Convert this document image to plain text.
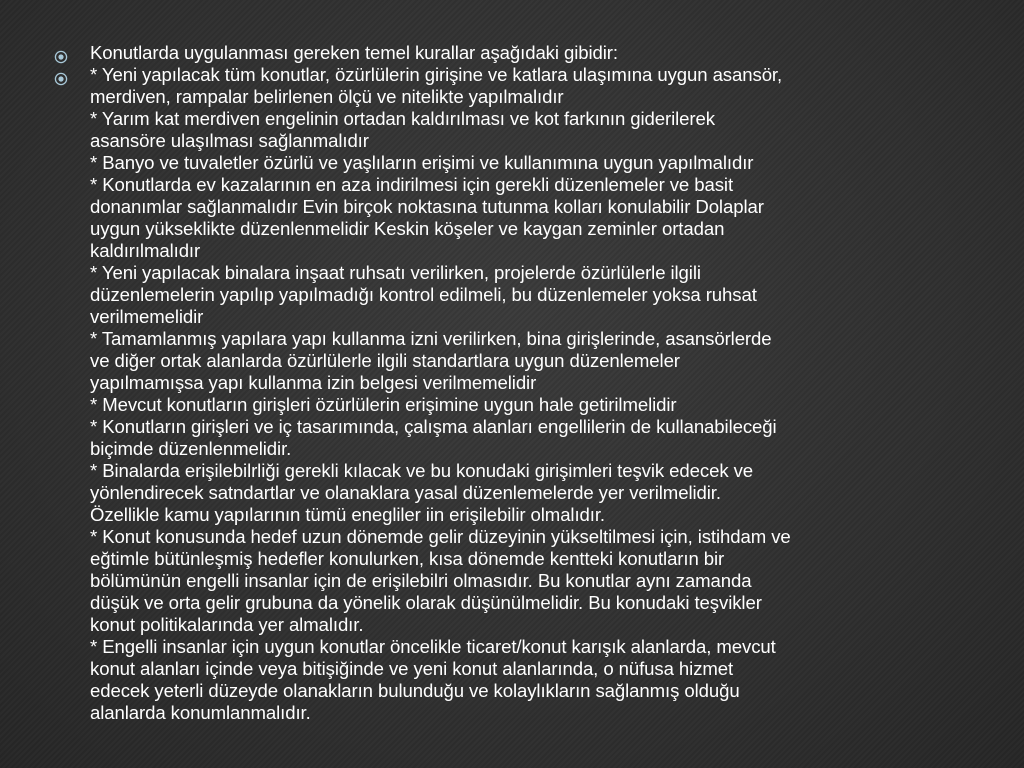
Konutlarda uygulanması gereken temel kurallar aşağıdaki gibidir:
* Yeni yapılacak tüm konutlar, özürlülerin girişine ve katlara ulaşımına uygun asansör,
merdiven, rampalar belirlenen ölçü ve nitelikte yapılmalıdır
* Yarım kat merdiven engelinin ortadan kaldırılması ve kot farkının giderilerek
asansöre ulaşılması sağlanmalıdır
* Banyo ve tuvaletler özürlü ve yaşlıların erişimi ve kullanımına uygun yapılmalıdır
* Konutlarda ev kazalarının en aza indirilmesi için gerekli düzenlemeler ve basit
donanımlar sağlanmalıdır Evin birçok noktasına tutunma kolları konulabilir Dolaplar
uygun yükseklikte düzenlenmelidir Keskin köşeler ve kaygan zeminler ortadan
kaldırılmalıdır
* Yeni yapılacak binalara inşaat ruhsatı verilirken, projelerde özürlülerle ilgili
düzenlemelerin yapılıp yapılmadığı kontrol edilmeli, bu düzenlemeler yoksa ruhsat
verilmemelidir
* Tamamlanmış yapılara yapı kullanma izni verilirken, bina girişlerinde, asansörlerde
ve diğer ortak alanlarda özürlülerle ilgili standartlara uygun düzenlemeler
yapılmamışsa yapı kullanma izin belgesi verilmemelidir
* Mevcut konutların girişleri özürlülerin erişimine uygun hale getirilmelidir
* Konutların girişleri ve iç tasarımında, çalışma alanları engellilerin de kullanabileceği
biçimde düzenlenmelidir.
* Binalarda erişilebilrliği gerekli kılacak ve bu konudaki girişimleri teşvik edecek ve
yönlendirecek satndartlar ve olanaklara yasal düzenlemelerde yer verilmelidir.
Özellikle kamu yapılarının tümü enegliler iin erişilebilir olmalıdır.
* Konut konusunda hedef uzun dönemde gelir düzeyinin yükseltilmesi için, istihdam ve
eğtimle bütünleşmiş hedefler konulurken, kısa dönemde kentteki konutların bir
bölümünün engelli insanlar için de erişilebilri olmasıdır. Bu konutlar aynı zamanda
düşük ve orta gelir grubuna da yönelik olarak düşünülmelidir. Bu konudaki teşvikler
konut politikalarında yer almalıdır.
* Engelli insanlar için uygun konutlar öncelikle ticaret/konut karışık alanlarda, mevcut
konut alanları içinde veya bitişiğinde ve yeni konut alanlarında, o nüfusa hizmet
edecek yeterli düzeyde olanakların bulunduğu ve kolaylıkların sağlanmış olduğu
alanlarda konumlanmalıdır.
